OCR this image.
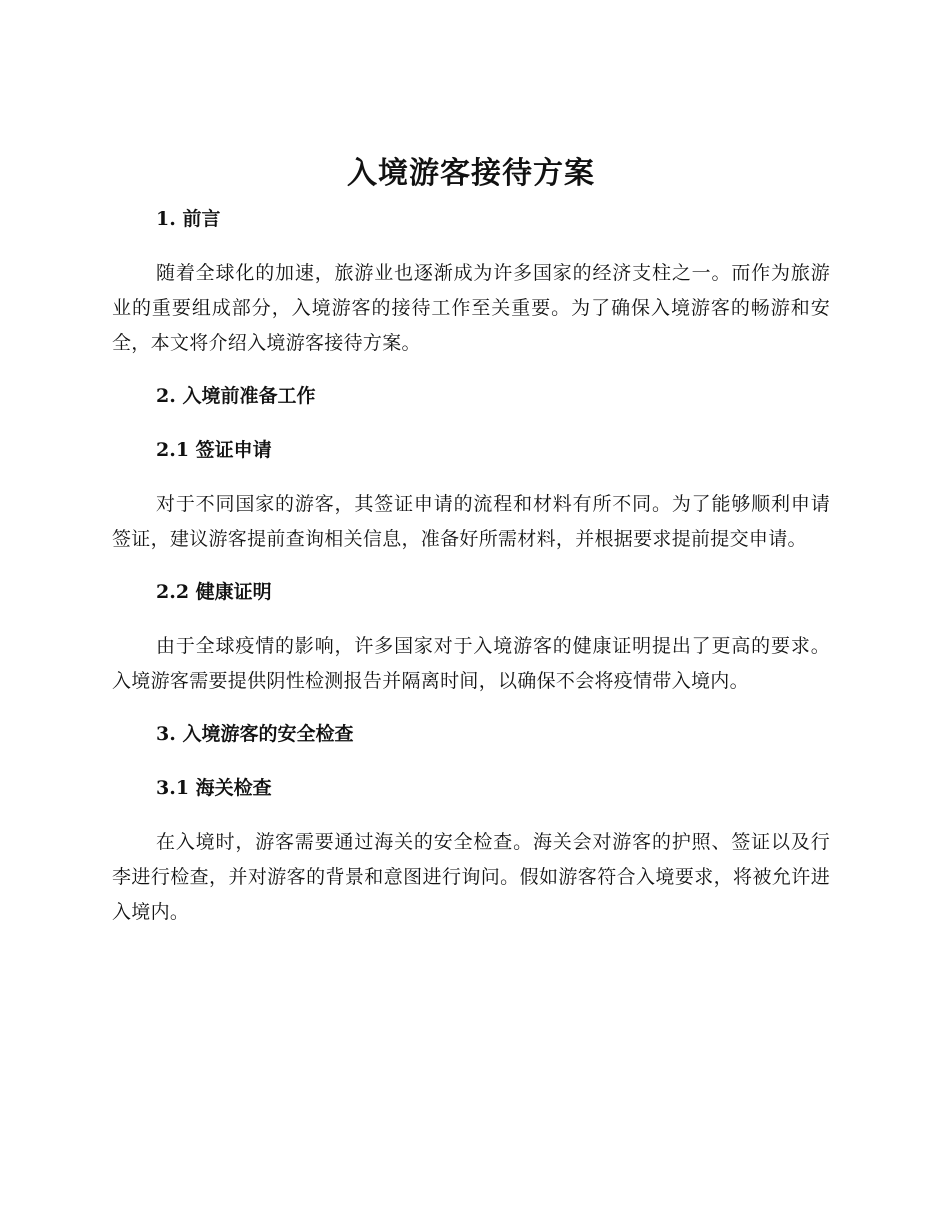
入境游客接待方案

1. 前言

随着全球化的加速，旅游业也逐渐成为许多国家的经济支柱之一。而作为旅游业的重要组成部分，入境游客的接待工作至关重要。为了确保入境游客的畅游和安全，本文将介绍入境游客接待方案。

2. 入境前准备工作

2.1 签证申请

对于不同国家的游客，其签证申请的流程和材料有所不同。为了能够顺利申请签证，建议游客提前查询相关信息，准备好所需材料，并根据要求提前提交申请。

2.2 健康证明

由于全球疫情的影响，许多国家对于入境游客的健康证明提出了更高的要求。入境游客需要提供阴性检测报告并隔离时间，以确保不会将疫情带入境内。

3. 入境游客的安全检查

3.1 海关检查

在入境时，游客需要通过海关的安全检查。海关会对游客的护照、签证以及行李进行检查，并对游客的背景和意图进行询问。假如游客符合入境要求，将被允许进入境内。
